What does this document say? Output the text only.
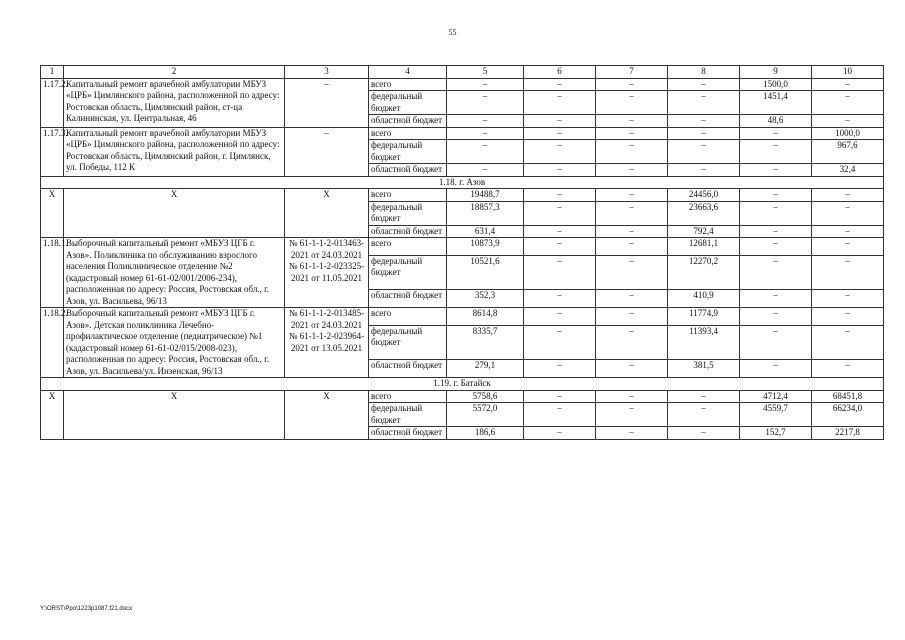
55
1	2	3	4	5	6	7	8	9	10
1.17.2.	Капитальный ремонт врачебной амбулатории МБУЗ «ЦРБ» Цимлянского района, расположенной по адресу: Ростовская область, Цимлянский район, ст-ца Калининская, ул. Центральная, 46	–	всего	–	–	–	–	1500,0	–
			федеральный бюджет	–	–	–	–	1451,4	–
			областной бюджет	–	–	–	–	48,6	–
1.17.3.	Капитальный ремонт врачебной амбулатории МБУЗ «ЦРБ» Цимлянского района, расположенной по адресу: Ростовская область, Цимлянский район, г. Цимлянск, ул. Победы, 112 К	–	всего	–	–	–	–	–	1000,0
			федеральный бюджет	–	–	–	–	–	967,6
			областной бюджет	–	–	–	–	–	32,4
1.18. г. Азов									
Х	Х	Х	всего	19488,7	–	–	24456,0	–	–
			федеральный бюджет	18857,3	–	–	23663,6	–	–
			областной бюджет	631,4	–	–	792,4	–	–
1.18.1.	Выборочный капитальный ремонт «МБУЗ ЦГБ г. Азов». Поликлиника по обслуживанию взрослого населения Поликлиническое отделение №2 (кадастровый номер 61-61-02/001/2006-234), расположенная по адресу: Россия, Ростовская обл., г. Азов, ул. Васильева, 96/13	№ 61-1-1-2-013463-2021 от 24.03.2021 № 61-1-1-2-023325-2021 от 11.05.2021	всего	10873,9	–	–	12681,1	–	–
			федеральный бюджет	10521,6	–	–	12270,2	–	–
			областной бюджет	352,3	–	–	410,9	–	–
1.18.2.	Выборочный капитальный ремонт «МБУЗ ЦГБ г. Азов». Детская поликлиника Лечебно-профилактическое отделение (педиатрическое) №1 (кадастровый номер 61-61-02/015/2008-023), расположенная по адресу: Россия, Ростовская обл., г. Азов, ул. Васильева/ул. Инзенская, 96/13	№ 61-1-1-2-013485-2021 от 24.03.2021 № 61-1-1-2-023964-2021 от 13.05.2021	всего	8614,8	–	–	11774,9	–	–
			федеральный бюджет	8335,7	–	–	11393,4	–	–
			областной бюджет	279,1	–	–	381,5	–	–
1.19. г. Батайск									
Х	Х	Х	всего	5758,6	–	–	–	4712,4	68451,8
			федеральный бюджет	5572,0	–	–	–	4559,7	66234,0
			областной бюджет	186,6	–	–	–	152,7	2217,8
Y:\ORST\Ppo\1223p1087.f21.docx
